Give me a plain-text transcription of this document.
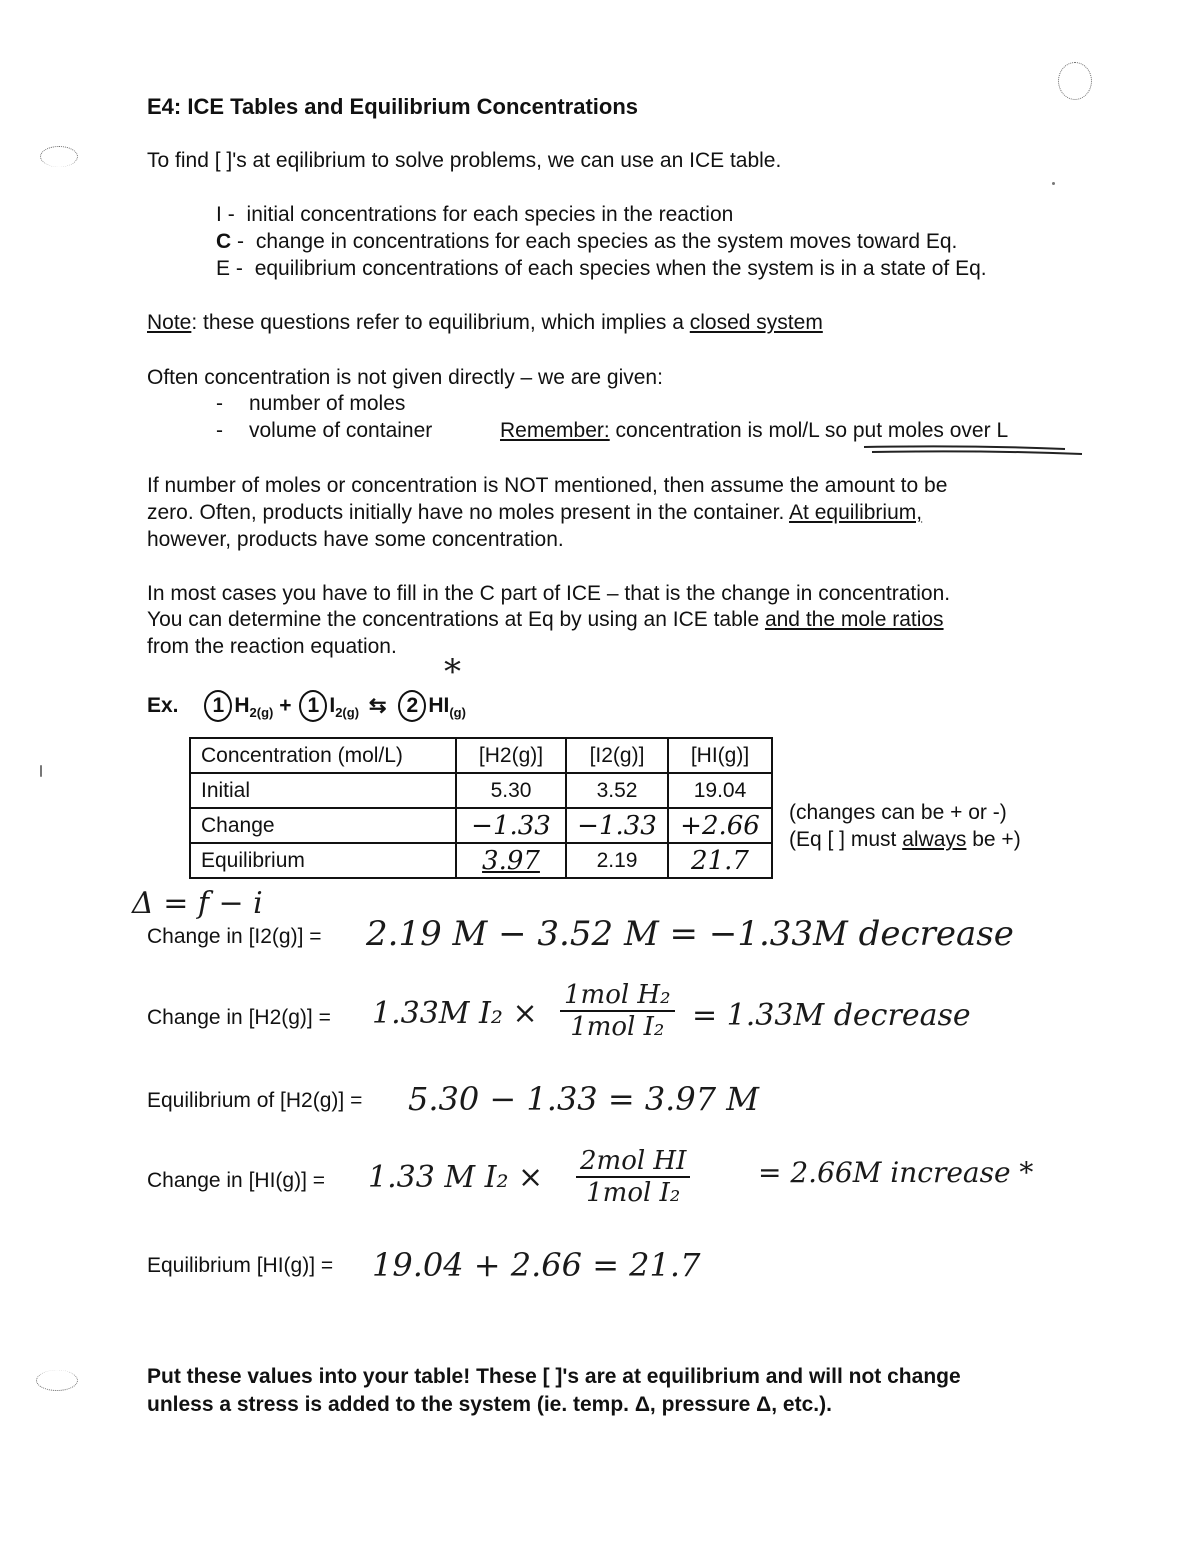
E4: ICE Tables and Equilibrium Concentrations
To find [ ]'s at eqilibrium to solve problems, we can use an ICE table.
I - initial concentrations for each species in the reaction
C - change in concentrations for each species as the system moves toward Eq.
E - equilibrium concentrations of each species when the system is in a state of Eq.
Note: these questions refer to equilibrium, which implies a closed system
Often concentration is not given directly – we are given:
- number of moles
- volume of container	Remember: concentration is mol/L so put moles over L
If number of moles or concentration is NOT mentioned, then assume the amount to be
zero. Often, products initially have no moles present in the container. At equilibrium,
however, products have some concentration.
In most cases you have to fill in the C part of ICE – that is the change in concentration.
You can determine the concentrations at Eq by using an ICE table and the mole ratios
from the reaction equation.
Ex. 1 $H_{2(g)} + 1$ $I_{2(g)}$ ⇆ 2 $HI_{(g)}$
*
Concentration (mol/L)	[H2(g)]	[I2(g)]	[HI(g)]
Initial	5.30	3.52	19.04
Change	−1.33	−1.33	+2.66
Equilibrium	3.97	2.19	21.7
(changes can be + or -)
(Eq [ ] must always be +)
Δ = f − i
Change in [I2(g)] = 2.19 M − 3.52 M = −1.33M decrease
Change in [H2(g)] = 1.33M I₂ ×
1mol H₂
1mol I₂ = 1.33M decrease
Equilibrium of [H2(g)] = 5.30 − 1.33 = 3.97 M
Change in [HI(g)] = 1.33 M I₂ × 2mol HI
1mol I₂
= 2.66M increase *
Equilibrium [HI(g)] = 19.04 + 2.66 = 21.7
Put these values into your table! These [ ]'s are at equilibrium and will not change
unless a stress is added to the system (ie. temp. Δ, pressure Δ, etc.).
